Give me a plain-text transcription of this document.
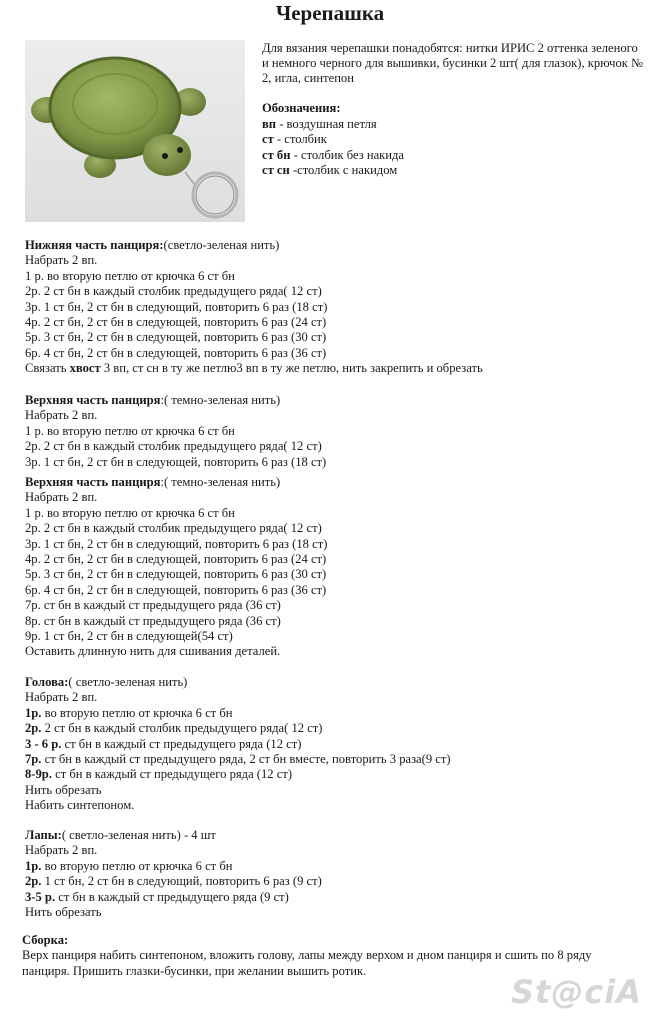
Черепашка
Для вязания черепашки понадобятся: нитки ИРИС 2 оттенка зеленого и немного черного для вышивки, бусинки 2 шт( для глазок), крючок № 2, игла, синтепон
Обозначения:
вп - воздушная петля
ст - столбик
ст бн - столбик без накида
ст сн -столбик с накидом
Нижняя часть панциря:(светло-зеленая нить)
Набрать 2 вп.
1 р. во вторую петлю от крючка 6 ст бн
2р. 2 ст бн в каждый столбик предыдущего ряда( 12 ст)
3р. 1 ст бн, 2 ст бн в следующий, повторить 6 раз (18 ст)
4р. 2 ст бн, 2 ст бн в следующей, повторить 6 раз (24 ст)
5р. 3 ст бн, 2 ст бн в следующей, повторить 6 раз (30 ст)
6р. 4 ст бн, 2 ст бн в следующей, повторить 6 раз (36 ст)
Связать хвост 3 вп, ст сн в ту же петлю3 вп в ту же петлю, нить закрепить и обрезать
Верхняя часть панциря:( темно-зеленая нить)
Набрать 2 вп.
1 р. во вторую петлю от крючка 6 ст бн
2р. 2 ст бн в каждый столбик предыдущего ряда( 12 ст)
3р. 1 ст бн, 2 ст бн в следующей, повторить 6 раз (18 ст)
Верхняя часть панциря:( темно-зеленая нить)
Набрать 2 вп.
1 р. во вторую петлю от крючка 6 ст бн
2р. 2 ст бн в каждый столбик предыдущего ряда( 12 ст)
3р. 1 ст бн, 2 ст бн в следующий, повторить 6 раз (18 ст)
4р. 2 ст бн, 2 ст бн в следующей, повторить 6 раз (24 ст)
5р. 3 ст бн, 2 ст бн в следующей, повторить 6 раз (30 ст)
6р. 4 ст бн, 2 ст бн в следующей, повторить 6 раз (36 ст)
7р. ст бн в каждый ст предыдущего ряда (36 ст)
8р. ст бн в каждый ст предыдущего ряда (36 ст)
9р. 1 ст бн, 2 ст бн в следующей(54 ст)
Оставить длинную нить для сшивания деталей.
Голова:( светло-зеленая нить)
Набрать 2 вп.
1р. во вторую петлю от крючка 6 ст бн
2р. 2 ст бн в каждый столбик предыдущего ряда( 12 ст)
3 - 6 р. ст бн в каждый ст предыдущего ряда (12 ст)
7р. ст бн в каждый ст предыдущего ряда, 2 ст бн вместе, повторить 3 раза(9 ст)
8-9р. ст бн в каждый ст предыдущего ряда (12 ст)
Нить обрезать
Набить синтепоном.
Лапы:( светло-зеленая нить) - 4 шт
Набрать 2 вп.
1р. во вторую петлю от крючка 6 ст бн
2р. 1 ст бн, 2 ст бн в следующий, повторить 6 раз (9 ст)
3-5 р. ст бн в каждый ст предыдущего ряда (9 ст)
Нить обрезать
Сборка:
Верх панциря набить синтепоном, вложить голову, лапы между верхом и дном панциря и сшить по 8 ряду
панциря. Пришить глазки-бусинки, при желании вышить ротик.
St@ciA
